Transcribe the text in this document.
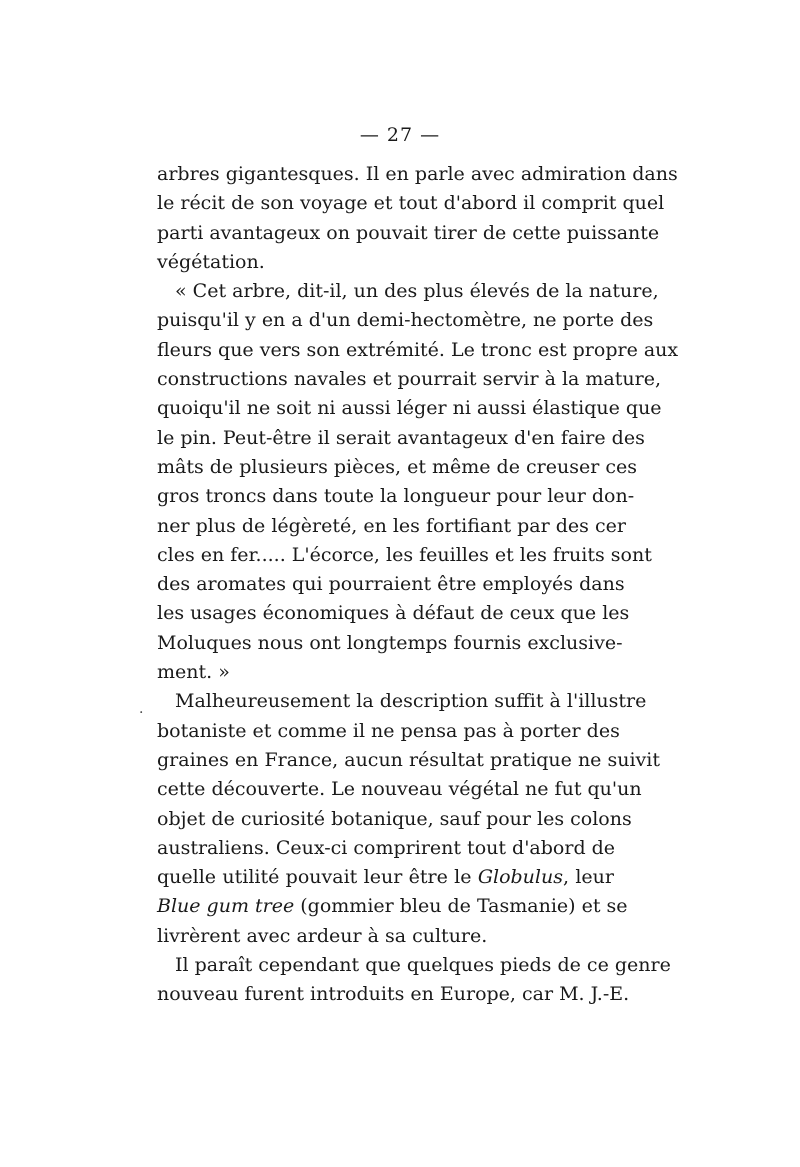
— 27 —
·
arbres gigantesques. Il en parle avec admiration dans
le récit de son voyage et tout d'abord il comprit quel
parti avantageux on pouvait tirer de cette puissante
végétation.
« Cet arbre, dit-il, un des plus élevés de la nature,
puisqu'il y en a d'un demi-hectomètre, ne porte des
fleurs que vers son extrémité. Le tronc est propre aux
constructions navales et pourrait servir à la mature,
quoiqu'il ne soit ni aussi léger ni aussi élastique que
le pin. Peut-être il serait avantageux d'en faire des
mâts de plusieurs pièces, et même de creuser ces
gros troncs dans toute la longueur pour leur don-
ner plus de légèreté, en les fortifiant par des cer
cles en fer..... L'écorce, les feuilles et les fruits sont
des aromates qui pourraient être employés dans
les usages économiques à défaut de ceux que les
Moluques nous ont longtemps fournis exclusive-
ment. »
Malheureusement la description suffit à l'illustre
botaniste et comme il ne pensa pas à porter des
graines en France, aucun résultat pratique ne suivit
cette découverte. Le nouveau végétal ne fut qu'un
objet de curiosité botanique, sauf pour les colons
australiens. Ceux-ci comprirent tout d'abord de
quelle utilité pouvait leur être le Globulus, leur
Blue gum tree (gommier bleu de Tasmanie) et se
livrèrent avec ardeur à sa culture.
Il paraît cependant que quelques pieds de ce genre
nouveau furent introduits en Europe, car M. J.-E.
